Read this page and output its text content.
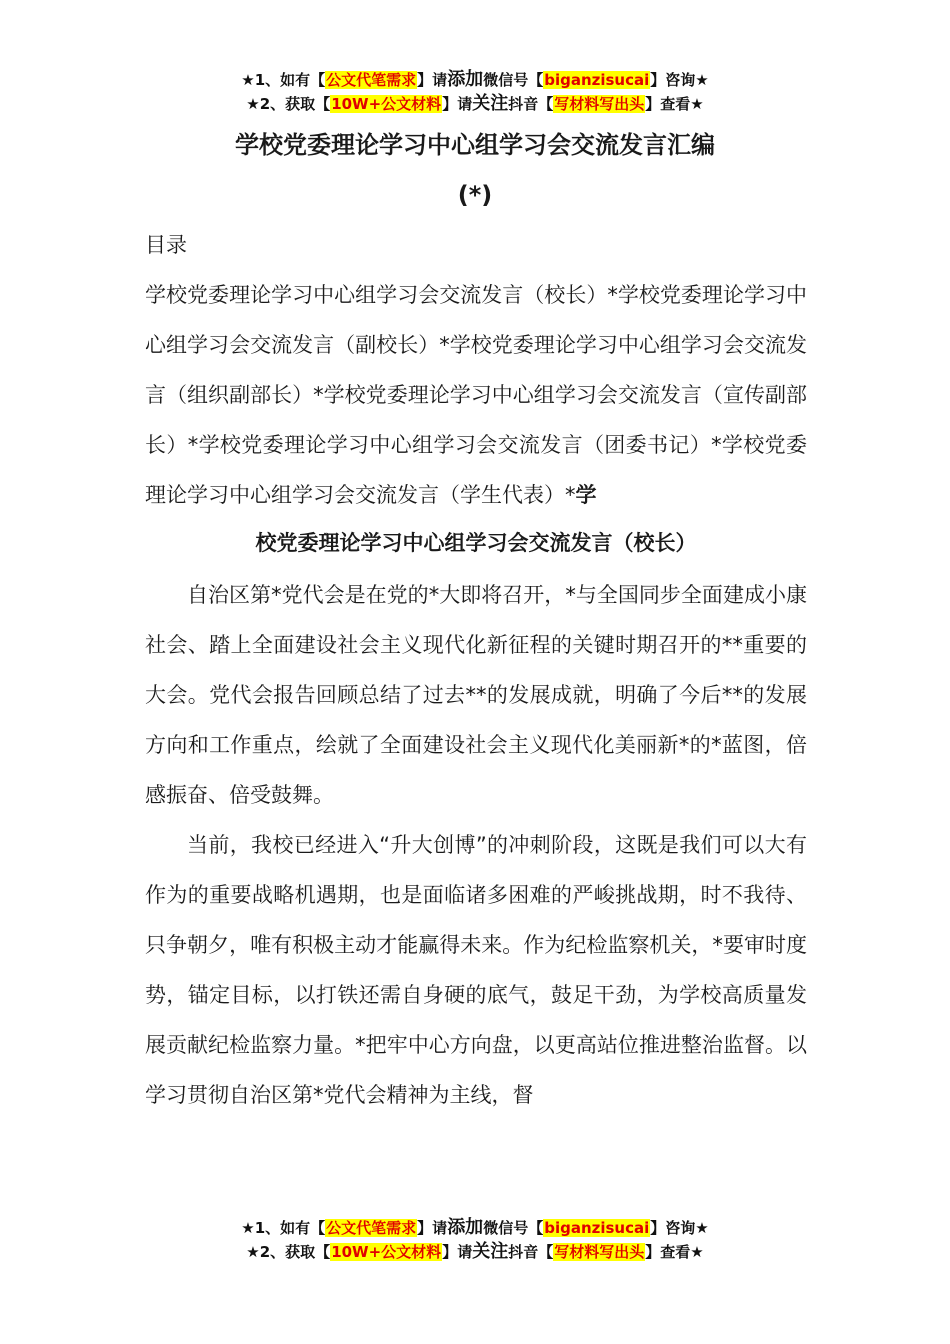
★1、如有【公文代笔需求】请添加微信号【biganzisucai】咨询★
★2、获取【10W+公文材料】请关注抖音【写材料写出头】查看★
学校党委理论学习中心组学习会交流发言汇编
(*)
目录
学校党委理论学习中心组学习会交流发言（校长）*学校党委理论学习中心组学习会交流发言（副校长）*学校党委理论学习中心组学习会交流发言（组织副部长）*学校党委理论学习中心组学习会交流发言（宣传副部长）*学校党委理论学习中心组学习会交流发言（团委书记）*学校党委理论学习中心组学习会交流发言（学生代表）*学
校党委理论学习中心组学习会交流发言（校长）

自治区第*党代会是在党的*大即将召开，*与全国同步全面建成小康社会、踏上全面建设社会主义现代化新征程的关键时期召开的**重要的大会。党代会报告回顾总结了过去**的发展成就，明确了今后**的发展方向和工作重点，绘就了全面建设社会主义现代化美丽新*的*蓝图，倍感振奋、倍受鼓舞。

当前，我校已经进入“升大创博”的冲刺阶段，这既是我们可以大有作为的重要战略机遇期，也是面临诸多困难的严峻挑战期，时不我待、只争朝夕，唯有积极主动才能赢得未来。作为纪检监察机关，*要审时度势，锚定目标，以打铁还需自身硬的底气，鼓足干劲，为学校高质量发展贡献纪检监察力量。*把牢中心方向盘，以更高站位推进整治监督。以学习贯彻自治区第*党代会精神为主线，督

★1、如有【公文代笔需求】请添加微信号【biganzisucai】咨询★
★2、获取【10W+公文材料】请关注抖音【写材料写出头】查看★
